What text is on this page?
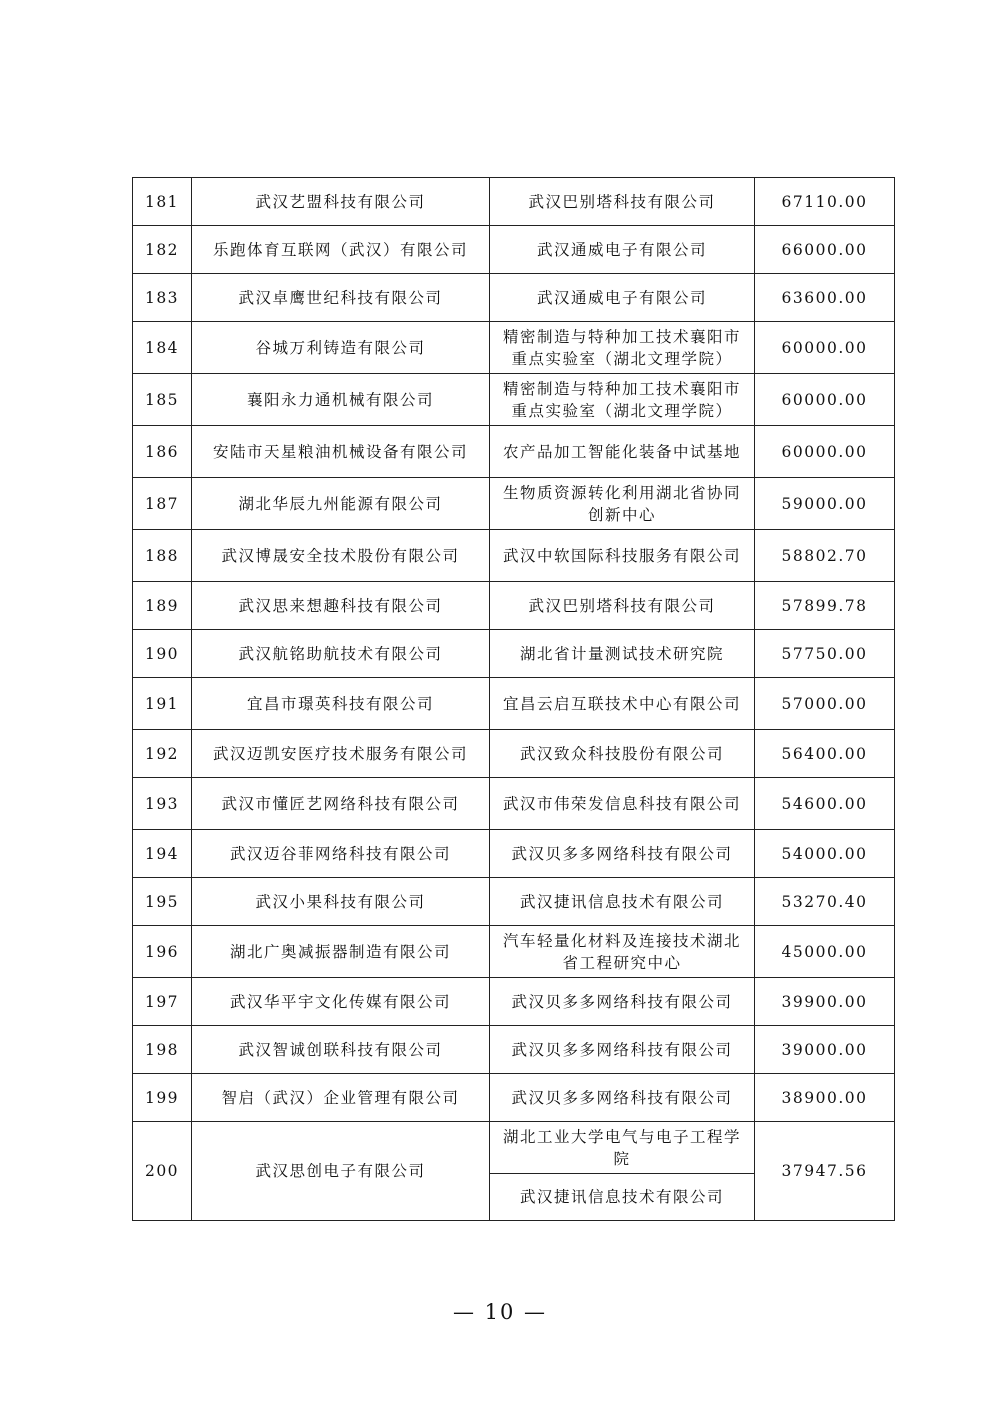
181	武汉艺盟科技有限公司	武汉巴别塔科技有限公司	67110.00
182	乐跑体育互联网（武汉）有限公司	武汉通威电子有限公司	66000.00
183	武汉卓鹰世纪科技有限公司	武汉通威电子有限公司	63600.00
184	谷城万利铸造有限公司	精密制造与特种加工技术襄阳市重点实验室（湖北文理学院）	60000.00
185	襄阳永力通机械有限公司	精密制造与特种加工技术襄阳市重点实验室（湖北文理学院）	60000.00
186	安陆市天星粮油机械设备有限公司	农产品加工智能化装备中试基地	60000.00
187	湖北华辰九州能源有限公司	生物质资源转化利用湖北省协同创新中心	59000.00
188	武汉博晟安全技术股份有限公司	武汉中软国际科技服务有限公司	58802.70
189	武汉思来想趣科技有限公司	武汉巴别塔科技有限公司	57899.78
190	武汉航铭助航技术有限公司	湖北省计量测试技术研究院	57750.00
191	宜昌市璟英科技有限公司	宜昌云启互联技术中心有限公司	57000.00
192	武汉迈凯安医疗技术服务有限公司	武汉致众科技股份有限公司	56400.00
193	武汉市懂匠艺网络科技有限公司	武汉市伟荣发信息科技有限公司	54600.00
194	武汉迈谷菲网络科技有限公司	武汉贝多多网络科技有限公司	54000.00
195	武汉小果科技有限公司	武汉捷讯信息技术有限公司	53270.40
196	湖北广奥减振器制造有限公司	汽车轻量化材料及连接技术湖北省工程研究中心	45000.00
197	武汉华平宇文化传媒有限公司	武汉贝多多网络科技有限公司	39900.00
198	武汉智诚创联科技有限公司	武汉贝多多网络科技有限公司	39000.00
199	智启（武汉）企业管理有限公司	武汉贝多多网络科技有限公司	38900.00
200	武汉思创电子有限公司	湖北工业大学电气与电子工程学院	37947.56
		武汉捷讯信息技术有限公司	
— 10 —
